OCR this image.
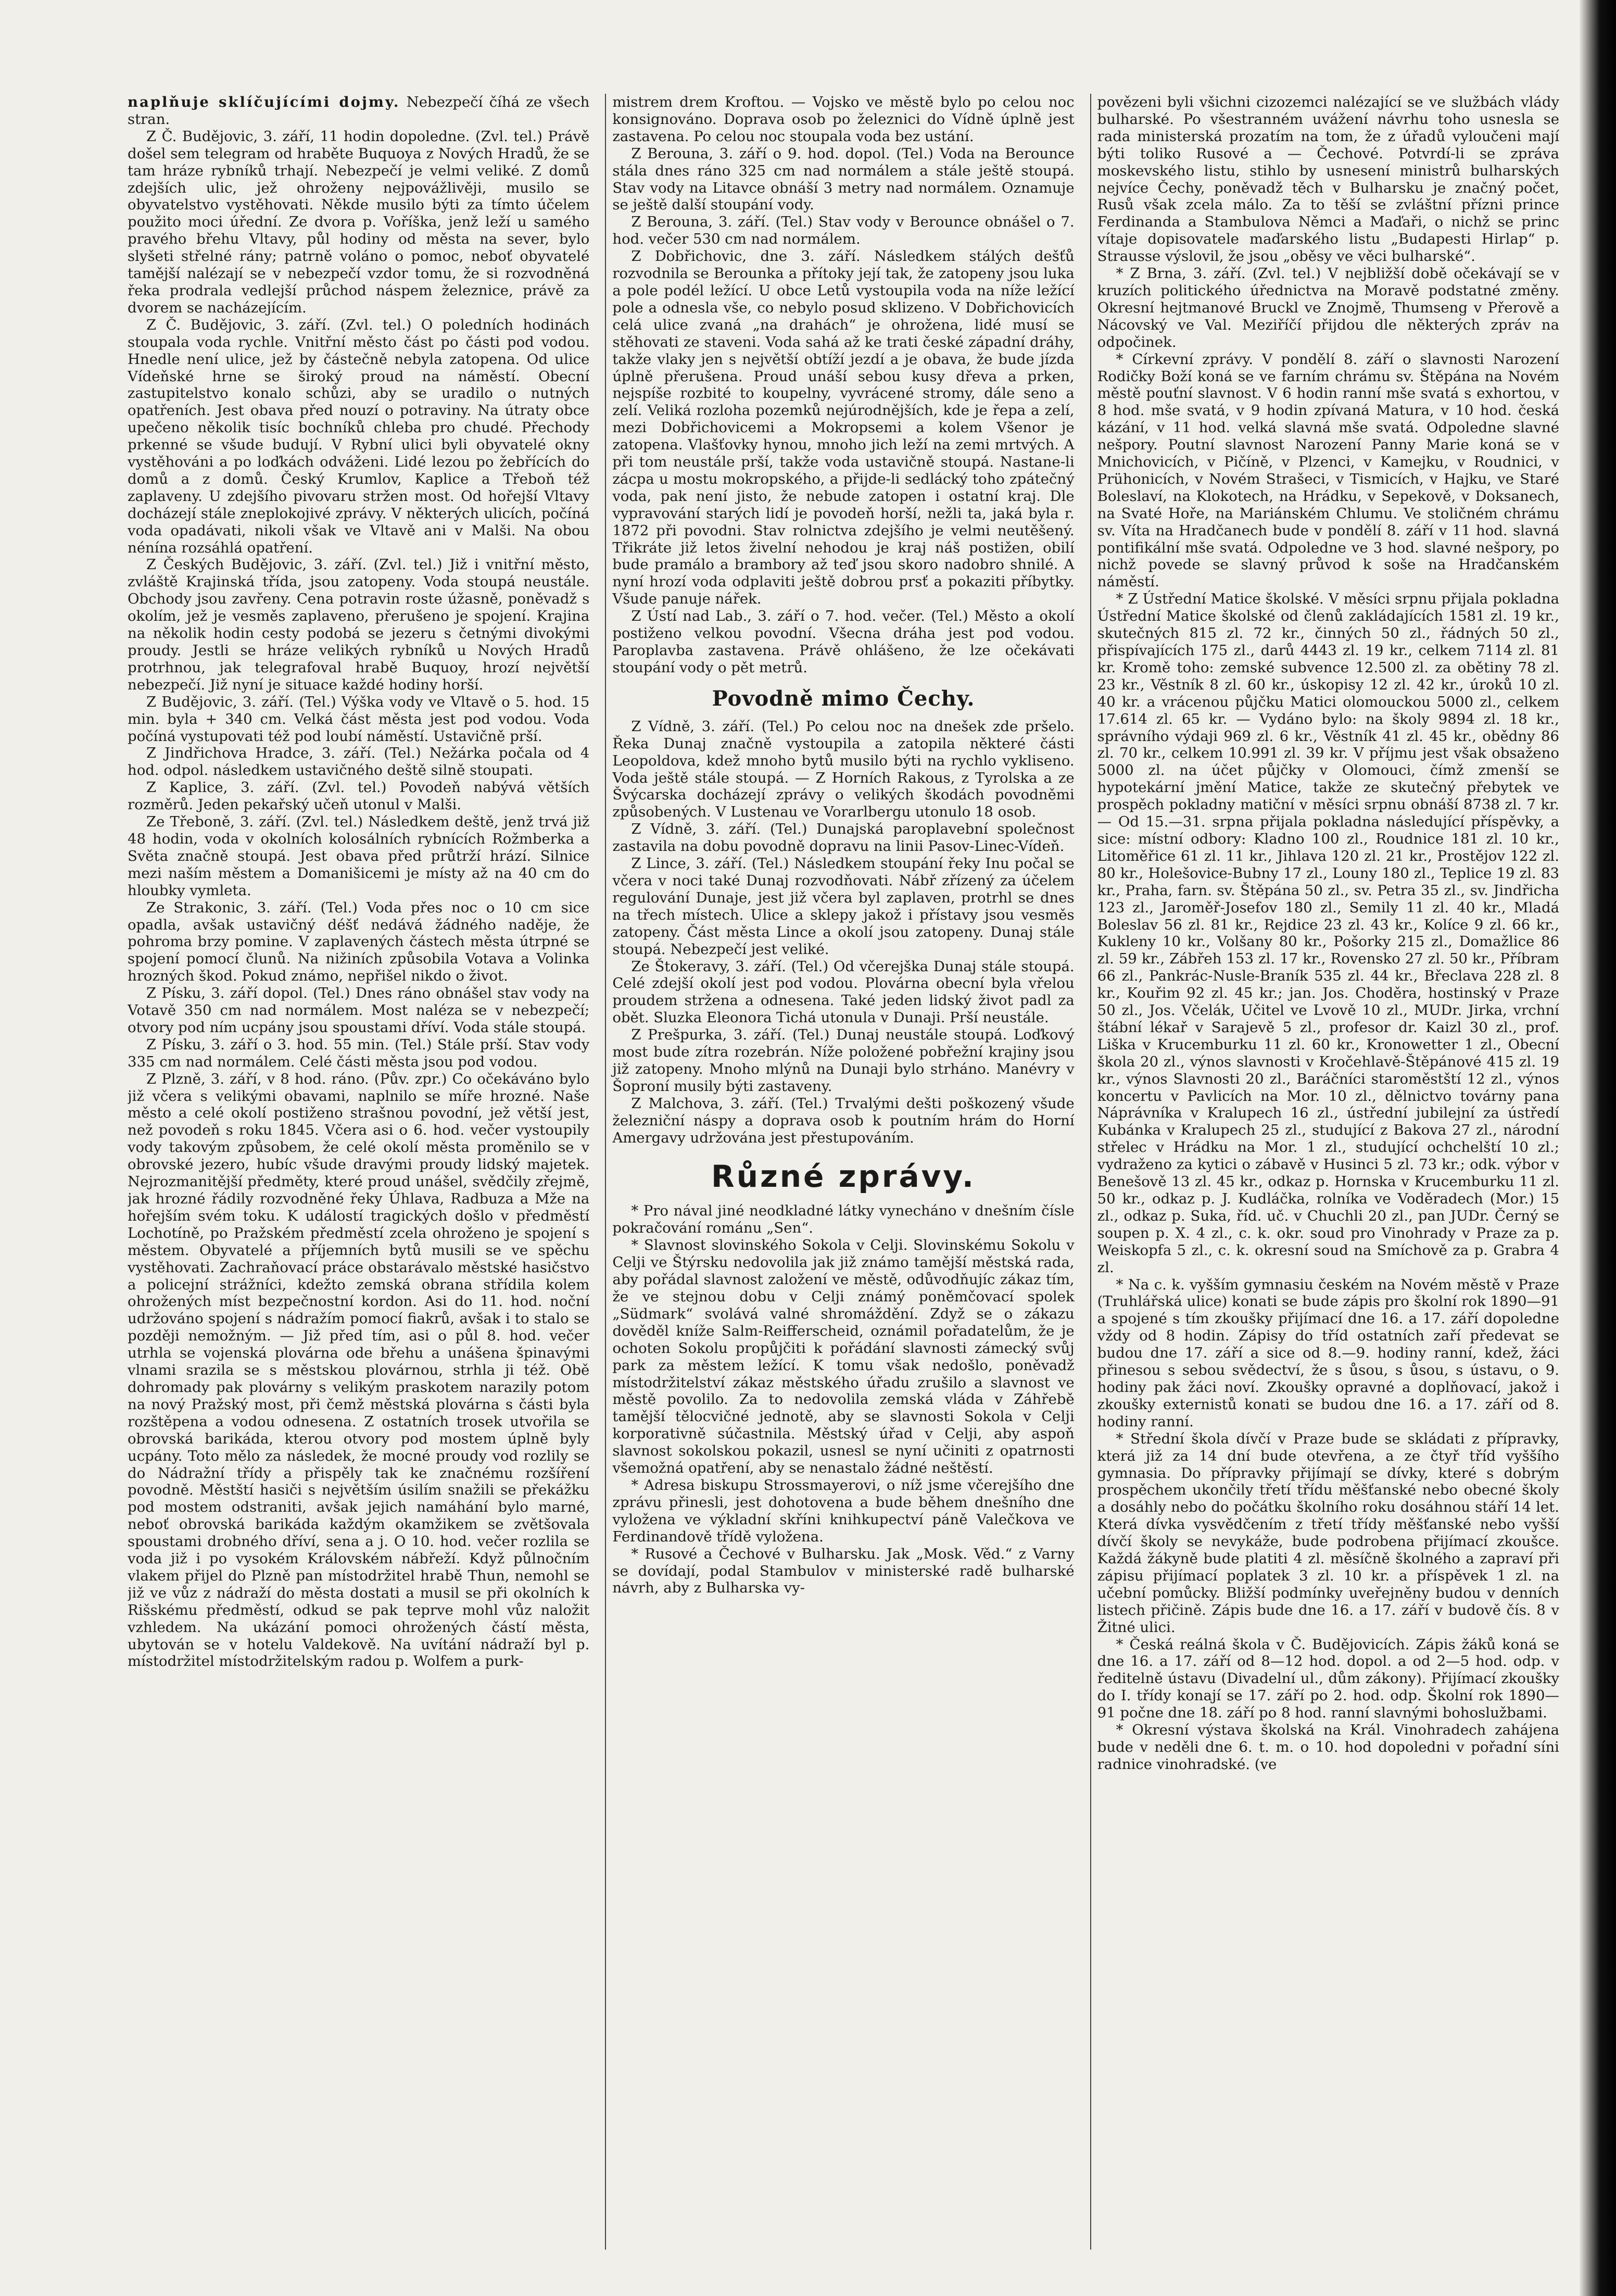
naplňuje sklíčujícími dojmy. Nebezpečí číhá ze všech stran.

Z Č. Budějovic, 3. září, 11 hodin dopoledne. (Zvl. tel.) Právě došel sem telegram od hraběte Buquoya z Nových Hradů, že se tam hráze rybníků trhají. Nebezpečí je velmi veliké. Z domů zdejších ulic, jež ohroženy nejpovážlivěji, musilo se obyvatelstvo vystěhovati. Někde musilo býti za tímto účelem použito moci úřední. Ze dvora p. Voříška, jenž leží u samého pravého břehu Vltavy, půl hodiny od města na sever, bylo slyšeti střelné rány; patrně voláno o pomoc, neboť obyvatelé tamější nalézají se v nebezpečí vzdor tomu, že si rozvodněná řeka prodrala vedlejší průchod náspem železnice, právě za dvorem se nacházejícím.

Z Č. Budějovic, 3. září. (Zvl. tel.) O poledních hodinách stoupala voda rychle. Vnitřní město část po části pod vodou. Hnedle není ulice, jež by částečně nebyla zatopena. Od ulice Vídeňské hrne se široký proud na náměstí. Obecní zastupitelstvo konalo schůzi, aby se uradilo o nutných opatřeních. Jest obava před nouzí o potraviny. Na útraty obce upečeno několik tisíc bochníků chleba pro chudé. Přechody prkenné se všude budují. V Rybní ulici byli obyvatelé okny vystěhováni a po loďkách odváženi. Lidé lezou po žebřících do domů a z domů. Český Krumlov, Kaplice a Třeboň též zaplaveny. U zdejšího pivovaru stržen most. Od hořejší Vltavy docházejí stále zneplokojivé zprávy. V některých ulicích, počíná voda opadávati, nikoli však ve Vltavě ani v Malši. Na obou nénína rozsáhlá opatření.

Z Českých Budějovic, 3. září. (Zvl. tel.) Již i vnitřní město, zvláště Krajinská třída, jsou zatopeny. Voda stoupá neustále. Obchody jsou zavřeny. Cena potravin roste úžasně, poněvadž s okolím, jež je vesměs zaplaveno, přerušeno je spojení. Krajina na několik hodin cesty podobá se jezeru s četnými divokými proudy. Jestli se hráze velikých rybníků u Nových Hradů protrhnou, jak telegrafoval hrabě Buquoy, hrozí největší nebezpečí. Již nyní je situace každé hodiny horší.

Z Budějovic, 3. září. (Tel.) Výška vody ve Vltavě o 5. hod. 15 min. byla + 340 cm. Velká část města jest pod vodou. Voda počíná vystupovati též pod loubí náměstí. Ustavičně prší.

Z Jindřichova Hradce, 3. září. (Tel.) Nežárka počala od 4 hod. odpol. následkem ustavičného deště silně stoupati.

Z Kaplice, 3. září. (Zvl. tel.) Povodeň nabývá větších rozměrů. Jeden pekařský učeň utonul v Malši.

Ze Třeboně, 3. září. (Zvl. tel.) Následkem deště, jenž trvá již 48 hodin, voda v okolních kolosálních rybnících Rožmberka a Světa značně stoupá. Jest obava před průtrží hrází. Silnice mezi naším městem a Domanišicemi je místy až na 40 cm do hloubky vymleta.

Ze Strakonic, 3. září. (Tel.) Voda přes noc o 10 cm sice opadla, avšak ustavičný déšť nedává žádného naděje, že pohroma brzy pomine. V zaplavených částech města útrpné se spojení pomocí člunů. Na nižiních způsobila Votava a Volinka hrozných škod. Pokud známo, nepřišel nikdo o život.

Z Písku, 3. září dopol. (Tel.) Dnes ráno obnášel stav vody na Votavě 350 cm nad normálem. Most naléza se v nebezpečí; otvory pod ním ucpány jsou spoustami dříví. Voda stále stoupá.

Z Písku, 3. září o 3. hod. 55 min. (Tel.) Stále prší. Stav vody 335 cm nad normálem. Celé části města jsou pod vodou.

Z Plzně, 3. září, v 8 hod. ráno. (Pův. zpr.) Co očekáváno bylo již včera s velikými obavami, naplnilo se míře hrozné. Naše město a celé okolí postiženo strašnou povodní, jež větší jest, než povodeň s roku 1845. Včera asi o 6. hod. večer vystoupily vody takovým způsobem, že celé okolí města proměnilo se v obrovské jezero, hubíc všude dravými proudy lidský majetek. Nejrozmanitější předměty, které proud unášel, svědčily zřejmě, jak hrozné řádily rozvodněné řeky Úhlava, Radbuza a Mže na hořejším svém toku. K událostí tragických došlo v předměstí Lochotíně, po Pražském předměstí zcela ohroženo je spojení s městem. Obyvatelé a příjemních bytů musili se ve spěchu vystěhovati. Zachraňovací práce obstarávalo městské hasičstvo a policejní strážníci, kdežto zemská obrana střídila kolem ohrožených míst bezpečnostní kordon. Asi do 11. hod. noční udržováno spojení s nádražím pomocí fiakrů, avšak i to stalo se později nemožným. — Již před tím, asi o půl 8. hod. večer utrhla se vojenská plovárna ode břehu a unášena špinavými vlnami srazila se s městskou plovárnou, strhla ji též. Obě dohromady pak plovárny s velikým praskotem narazily potom na nový Pražský most, při čemž městská plovárna s části byla rozštěpena a vodou odnesena. Z ostatních trosek utvořila se obrovská barikáda, kterou otvory pod mostem úplně byly ucpány. Toto mělo za následek, že mocné proudy vod rozlily se do Nádražní třídy a přispěly tak ke značnému rozšíření povodně. Městští hasiči s největším úsilím snažili se překážku pod mostem odstraniti, avšak jejich namáhání bylo marné, neboť obrovská barikáda každým okamžikem se zvětšovala spoustami drobného dříví, sena a j. O 10. hod. večer rozlila se voda již i po vysokém Královském nábřeží. Když půlnočním vlakem přijel do Plzně pan místodržitel hrabě Thun, nemohl se již ve vůz z nádraží do města dostati a musil se při okolních k Rišskému předměstí, odkud se pak teprve mohl vůz naložit vzhledem. Na ukázání pomoci ohrožených částí města, ubytován se v hotelu Valdekově. Na uvítání nádraží byl p. místodržitel místodržitelským radou p. Wolfem a purk-

mistrem drem Kroftou. — Vojsko ve městě bylo po celou noc konsignováno. Doprava osob po železnici do Vídně úplně jest zastavena. Po celou noc stoupala voda bez ustání.

Z Berouna, 3. září o 9. hod. dopol. (Tel.) Voda na Berounce stála dnes ráno 325 cm nad normálem a stále ještě stoupá. Stav vody na Litavce obnáší 3 metry nad normálem. Oznamuje se ještě další stoupání vody.

Z Berouna, 3. září. (Tel.) Stav vody v Berounce obnášel o 7. hod. večer 530 cm nad normálem.

Z Dobřichovic, dne 3. září. Následkem stálých dešťů rozvodnila se Berounka a přítoky její tak, že zatopeny jsou luka a pole podél ležící. U obce Letů vystoupila voda na níže ležící pole a odnesla vše, co nebylo posud sklizeno. V Dobřichovicích celá ulice zvaná „na drahách“ je ohrožena, lidé musí se stěhovati ze staveni. Voda sahá až ke trati české západní dráhy, takže vlaky jen s největší obtíží jezdí a je obava, že bude jízda úplně přerušena. Proud unáší sebou kusy dřeva a prken, nejspíše rozbité to koupelny, vyvrácené stromy, dále seno a zelí. Veliká rozloha pozemků nejúrodnějších, kde je řepa a zelí, mezi Dobřichovicemi a Mokropsemi a kolem Všenor je zatopena. Vlašťovky hynou, mnoho jich leží na zemi mrtvých. A při tom neustále prší, takže voda ustavičně stoupá. Nastane-li zácpa u mostu mokropského, a přijde-li sedlácký toho zpátečný voda, pak není jisto, že nebude zatopen i ostatní kraj. Dle vypravování starých lidí je povodeň horší, nežli ta, jaká byla r. 1872 při povodni. Stav rolnictva zdejšího je velmi neutěšený. Třikráte již letos živelní nehodou je kraj náš postižen, obilí bude pramálo a brambory až teď jsou skoro nadobro shnilé. A nyní hrozí voda odplaviti ještě dobrou prsť a pokaziti příbytky. Všude panuje nářek.

Z Ústí nad Lab., 3. září o 7. hod. večer. (Tel.) Město a okolí postiženo velkou povodní. Všecna dráha jest pod vodou. Paroplavba zastavena. Právě ohlášeno, že lze očekávati stoupání vody o pět metrů.

Povodně mimo Čechy.

Z Vídně, 3. září. (Tel.) Po celou noc na dnešek zde pršelo. Řeka Dunaj značně vystoupila a zatopila některé části Leopoldova, kdež mnoho bytů musilo býti na rychlo vykliseno. Voda ještě stále stoupá. — Z Horních Rakous, z Tyrolska a ze Švýcarska docházejí zprávy o velikých škodách povodněmi způsobených. V Lustenau ve Vorarlbergu utonulo 18 osob.

Z Vídně, 3. září. (Tel.) Dunajská paroplavební společnost zastavila na dobu povodně dopravu na linii Pasov-Linec-Vídeň.

Z Lince, 3. září. (Tel.) Následkem stoupání řeky Inu počal se včera v noci také Dunaj rozvodňovati. Nábř zřízený za účelem regulování Dunaje, jest již včera byl zaplaven, protrhl se dnes na třech místech. Ulice a sklepy jakož i přístavy jsou vesměs zatopeny. Část města Lince a okolí jsou zatopeny. Dunaj stále stoupá. Nebezpečí jest veliké.

Ze Štokeravy, 3. září. (Tel.) Od včerejška Dunaj stále stoupá. Celé zdejší okolí jest pod vodou. Plovárna obecní byla vřelou proudem stržena a odnesena. Také jeden lidský život padl za obět. Sluzka Eleonora Tichá utonula v Dunaji. Prší neustále.

Z Prešpurka, 3. září. (Tel.) Dunaj neustále stoupá. Loďkový most bude zítra rozebrán. Níže položené pobřežní krajiny jsou již zatopeny. Mnoho mlýnů na Dunaji bylo strháno. Manévry v Šoproní musily býti zastaveny.

Z Malchova, 3. září. (Tel.) Trvalými dešti poškozený všude železniční náspy a doprava osob k poutním hrám do Horní Amergavy udržována jest přestupováním.

Různé zprávy.

* Pro nával jiné neodkladné látky vynecháno v dnešním čísle pokračování románu „Sen“.

* Slavnost slovinského Sokola v Celji. Slovinskému Sokolu v Celji ve Štýrsku nedovolila jak již známo tamější městská rada, aby pořádal slavnost založení ve městě, odůvodňujíc zákaz tím, že ve stejnou dobu v Celji známý poněmčovací spolek „Südmark“ svolává valné shromáždění. Zdyž se o zákazu dověděl kníže Salm-Reifferscheid, oznámil pořadatelům, že je ochoten Sokolu propůjčiti k pořádání slavnosti zámecký svůj park za městem ležící. K tomu však nedošlo, poněvadž místodržitelství zákaz městského úřadu zrušilo a slavnost ve městě povolilo. Za to nedovolila zemská vláda v Záhřebě tamější tělocvičné jednotě, aby se slavnosti Sokola v Celji korporativně súčastnila. Městský úřad v Celji, aby aspoň slavnost sokolskou pokazil, usnesl se nyní učiniti z opatrnosti všemožná opatření, aby se nenastalo žádné neštěstí.

* Adresa biskupu Strossmayerovi, o níž jsme včerejšího dne zprávu přinesli, jest dohotovena a bude během dnešního dne vyložena ve výkladní skříni knihkupectví páně Valečkova ve Ferdinandově třídě vyložena.

* Rusové a Čechové v Bulharsku. Jak „Mosk. Věd.“ z Varny se dovídají, podal Stambulov v ministerské radě bulharské návrh, aby z Bulharska vy-

povězeni byli všichni cizozemci nalézající se ve službách vlády bulharské. Po všestranném uvážení návrhu toho usnesla se rada ministerská prozatím na tom, že z úřadů vyloučeni mají býti toliko Rusové a — Čechové. Potvrdí-li se zpráva moskevského listu, stihlo by usnesení ministrů bulharských nejvíce Čechy, poněvadž těch v Bulharsku je značný počet, Rusů však zcela málo. Za to těší se zvláštní přízni prince Ferdinanda a Stambulova Němci a Maďaři, o nichž se princ vítaje dopisovatele maďarského listu „Budapesti Hirlap“ p. Strausse výslovil, že jsou „oběsy ve věci bulharské“.

* Z Brna, 3. září. (Zvl. tel.) V nejbližší době očekávají se v kruzích politického úřednictva na Moravě podstatné změny. Okresní hejtmanové Bruckl ve Znojmě, Thumseng v Přerově a Nácovský ve Val. Meziříčí přijdou dle některých zpráv na odpočinek.

* Církevní zprávy. V pondělí 8. září o slavnosti Narození Rodičky Boží koná se ve farním chrámu sv. Štěpána na Novém městě pouťní slavnost. V 6 hodin ranní mše svatá s exhortou, v 8 hod. mše svatá, v 9 hodin zpívaná Matura, v 10 hod. česká kázání, v 11 hod. velká slavná mše svatá. Odpoledne slavné nešpory. Poutní slavnost Narození Panny Marie koná se v Mnichovicích, v Pičíně, v Plzenci, v Kamejku, v Roudnici, v Prühonicích, v Novém Strašeci, v Tismicích, v Hajku, ve Staré Boleslaví, na Klokotech, na Hrádku, v Sepekově, v Doksanech, na Svaté Hoře, na Mariánském Chlumu. Ve stoličném chrámu sv. Víta na Hradčanech bude v pondělí 8. září v 11 hod. slavná pontifikální mše svatá. Odpoledne ve 3 hod. slavné nešpory, po nichž povede se slavný průvod k soše na Hradčanském náměstí.

* Z Ústřední Matice školské. V měsíci srpnu přijala pokladna Ústřední Matice školské od členů zakládajících 1581 zl. 19 kr., skutečných 815 zl. 72 kr., činných 50 zl., řádných 50 zl., přispívajících 175 zl., darů 4443 zl. 19 kr., celkem 7114 zl. 81 kr. Kromě toho: zemské subvence 12.500 zl. za obětiny 78 zl. 23 kr., Věstník 8 zl. 60 kr., úskopisy 12 zl. 42 kr., úroků 10 zl. 40 kr. a vrácenou půjčku Matici olomouckou 5000 zl., celkem 17.614 zl. 65 kr. — Vydáno bylo: na školy 9894 zl. 18 kr., správního výdaji 969 zl. 6 kr., Věstník 41 zl. 45 kr., obědny 86 zl. 70 kr., celkem 10.991 zl. 39 kr. V příjmu jest však obsaženo 5000 zl. na účet půjčky v Olomouci, čímž zmenší se hypotekární jmění Matice, takže ze skutečný přebytek ve prospěch pokladny matiční v měsíci srpnu obnáší 8738 zl. 7 kr. — Od 15.—31. srpna přijala pokladna následující příspěvky, a sice: místní odbory: Kladno 100 zl., Roudnice 181 zl. 10 kr., Litoměřice 61 zl. 11 kr., Jihlava 120 zl. 21 kr., Prostějov 122 zl. 80 kr., Holešovice-Bubny 17 zl., Louny 180 zl., Teplice 19 zl. 83 kr., Praha, farn. sv. Štěpána 50 zl., sv. Petra 35 zl., sv. Jindřicha 123 zl., Jaroměř-Josefov 180 zl., Semily 11 zl. 40 kr., Mladá Boleslav 56 zl. 81 kr., Rejdice 23 zl. 43 kr., Kolíce 9 zl. 66 kr., Kukleny 10 kr., Volšany 80 kr., Pošorky 215 zl., Domažlice 86 zl. 59 kr., Zábřeh 153 zl. 17 kr., Rovensko 27 zl. 50 kr., Příbram 66 zl., Pankrác-Nusle-Braník 535 zl. 44 kr., Břeclava 228 zl. 8 kr., Kouřim 92 zl. 45 kr.; jan. Jos. Choděra, hostinský v Praze 50 zl., Jos. Včelák, Učitel ve Lvově 10 zl., MUDr. Jirka, vrchní štábní lékař v Sarajevě 5 zl., profesor dr. Kaizl 30 zl., prof. Liška v Krucemburku 11 zl. 60 kr., Kronowetter 1 zl., Obecní škola 20 zl., výnos slavnosti v Kročehlavě-Štěpánové 415 zl. 19 kr., výnos Slavnosti 20 zl., Baráčníci staroměstští 12 zl., výnos koncertu v Pavlicích na Mor. 10 zl., dělnictvo továrny pana Náprávníka v Kralupech 16 zl., ústřední jubilejní za ústředí Kubánka v Kralupech 25 zl., studující z Bakova 27 zl., národní střelec v Hrádku na Mor. 1 zl., studující ochchelští 10 zl.; vydraženo za kytici o zábavě v Husinci 5 zl. 73 kr.; odk. výbor v Benešově 13 zl. 45 kr., odkaz p. Hornska v Krucemburku 11 zl. 50 kr., odkaz p. J. Kudláčka, rolníka ve Voděradech (Mor.) 15 zl., odkaz p. Suka, říd. uč. v Chuchli 20 zl., pan JUDr. Černý se soupen p. X. 4 zl., c. k. okr. soud pro Vinohrady v Praze za p. Weiskopfa 5 zl., c. k. okresní soud na Smíchově za p. Grabra 4 zl.

* Na c. k. vyšším gymnasiu českém na Novém městě v Praze (Truhlářská ulice) konati se bude zápis pro školní rok 1890—91 a spojené s tím zkoušky přijímací dne 16. a 17. září dopoledne vždy od 8 hodin. Zápisy do tříd ostatních zaří předevat se budou dne 17. září a sice od 8.—9. hodiny ranní, kdež, žáci přinesou s sebou svědectví, že s ůsou, s ůsou, s ústavu, o 9. hodiny pak žáci noví. Zkoušky opravné a doplňovací, jakož i zkoušky externistů konati se budou dne 16. a 17. září od 8. hodiny ranní.

* Střední škola dívčí v Praze bude se skládati z přípravky, která již za 14 dní bude otevřena, a ze čtyř tříd vyššího gymnasia. Do přípravky přijímají se dívky, které s dobrým prospěchem ukončily třetí třídu měšťanské nebo obecné školy a dosáhly nebo do počátku školního roku dosáhnou stáří 14 let. Která dívka vysvědčením z třetí třídy měšťanské nebo vyšší dívčí školy se nevykáže, bude podrobena přijímací zkoušce. Každá žákyně bude platiti 4 zl. měsíčně školného a zapraví při zápisu přijímací poplatek 3 zl. 10 kr. a příspěvek 1 zl. na učební pomůcky. Bližší podmínky uveřejněny budou v denních listech přičině. Zápis bude dne 16. a 17. září v budově čís. 8 v Žitné ulici.

* Česká reálná škola v Č. Budějovicích. Zápis žáků koná se dne 16. a 17. září od 8—12 hod. dopol. a od 2—5 hod. odp. v ředitelně ústavu (Divadelní ul., dům zákony). Přijímací zkoušky do I. třídy konají se 17. září po 2. hod. odp. Školní rok 1890—91 počne dne 18. září po 8 hod. ranní slavnými bohoslužbami.

* Okresní výstava školská na Král. Vinohradech zahájena bude v neděli dne 6. t. m. o 10. hod dopoledni v pořadní síni radnice vinohradské. (ve
